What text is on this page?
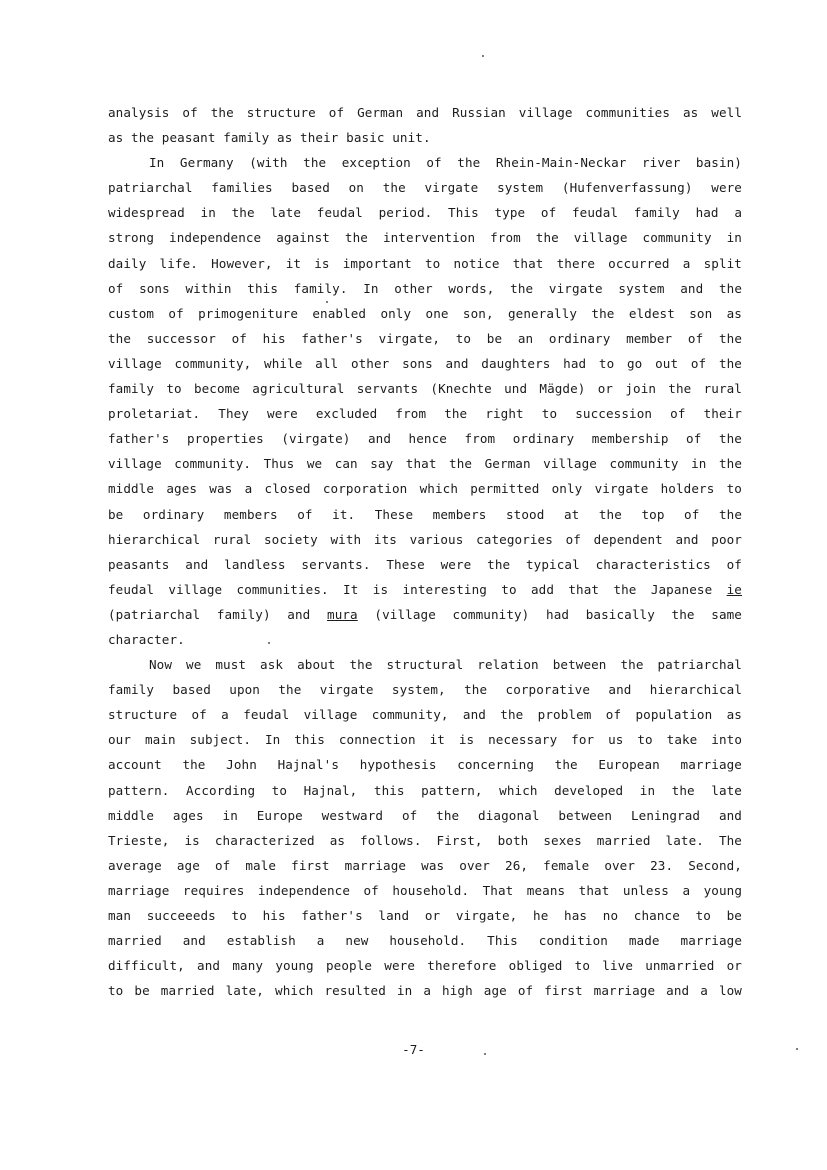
analysis of the structure of German and Russian village communities as well
as the peasant family as their basic unit.
In Germany (with the exception of the Rhein-Main-Neckar river basin)
patriarchal families based on the virgate system (Hufenverfassung) were
widespread in the late feudal period. This type of feudal family had a
strong independence against the intervention from the village community in
daily life. However, it is important to notice that there occurred a split
of sons within this family. In other words, the virgate system and the
custom of primogeniture enabled only one son, generally the eldest son as
the successor of his father's virgate, to be an ordinary member of the
village community, while all other sons and daughters had to go out of the
family to become agricultural servants (Knechte und Mägde) or join the rural
proletariat. They were excluded from the right to succession of their
father's properties (virgate) and hence from ordinary membership of the
village community. Thus we can say that the German village community in the
middle ages was a closed corporation which permitted only virgate holders to
be ordinary members of it. These members stood at the top of the
hierarchical rural society with its various categories of dependent and poor
peasants and landless servants. These were the typical characteristics of
feudal village communities. It is interesting to add that the Japanese ie
(patriarchal family) and mura (village community) had basically the same
character.
Now we must ask about the structural relation between the patriarchal
family based upon the virgate system, the corporative and hierarchical
structure of a feudal village community, and the problem of population as
our main subject. In this connection it is necessary for us to take into
account the John Hajnal's hypothesis concerning the European marriage
pattern. According to Hajnal, this pattern, which developed in the late
middle ages in Europe westward of the diagonal between Leningrad and
Trieste, is characterized as follows. First, both sexes married late. The
average age of male first marriage was over 26, female over 23. Second,
marriage requires independence of household. That means that unless a young
man succeeeds to his father's land or virgate, he has no chance to be
married and establish a new household. This condition made marriage
difficult, and many young people were therefore obliged to live unmarried or
to be married late, which resulted in a high age of first marriage and a low
-7-
